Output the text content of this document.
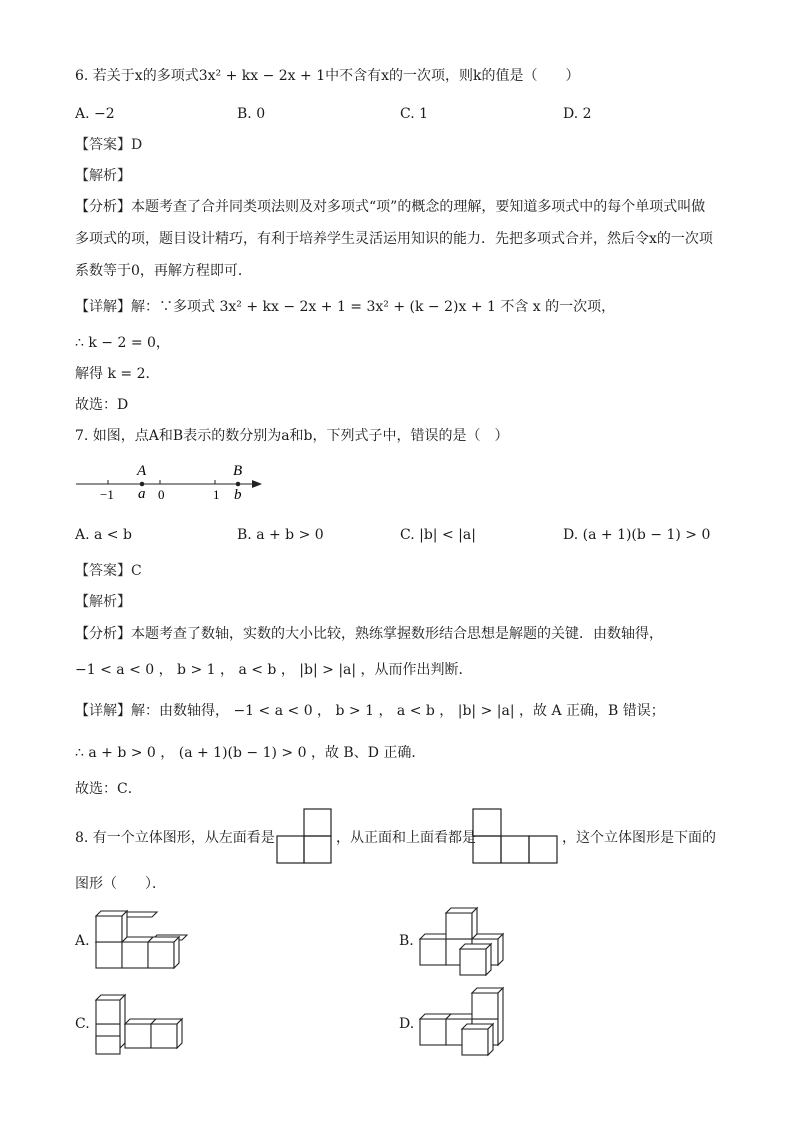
6. 若关于x的多项式3x² + kx − 2x + 1中不含有x的一次项，则k的值是（　　）
A. −2	B. 0	C. 1	D. 2
【答案】D
【解析】
【分析】本题考查了合并同类项法则及对多项式“项”的概念的理解，要知道多项式中的每个单项式叫做
多项式的项，题目设计精巧，有利于培养学生灵活运用知识的能力．先把多项式合并，然后令x的一次项
系数等于0，再解方程即可．
【详解】解：∵多项式 3x² + kx − 2x + 1 = 3x² + (k − 2)x + 1 不含 x 的一次项，
∴ k − 2 = 0，
解得 k = 2．
故选：D
7. 如图，点A和B表示的数分别为a和b，下列式子中，错误的是（　）
A	B
−1 a 0	1 b
A. a < b	B. a + b > 0	C. |b| < |a|	D. (a + 1)(b − 1) > 0
【答案】C
【解析】
【分析】本题考查了数轴，实数的大小比较，熟练掌握数形结合思想是解题的关键．由数轴得，
−1 < a < 0 ， b > 1 ， a < b ， |b| > |a| ，从而作出判断．
【详解】解：由数轴得， −1 < a < 0 ， b > 1 ， a < b ， |b| > |a| ，故 A 正确，B 错误；
∴ a + b > 0 ， (a + 1)(b − 1) > 0 ，故 B、D 正确．
故选：C．
8. 有一个立体图形，从左面看是	，从正面和上面看都是	，这个立体图形是下面的
图形（　　）．
A.	B.
C.	D.
